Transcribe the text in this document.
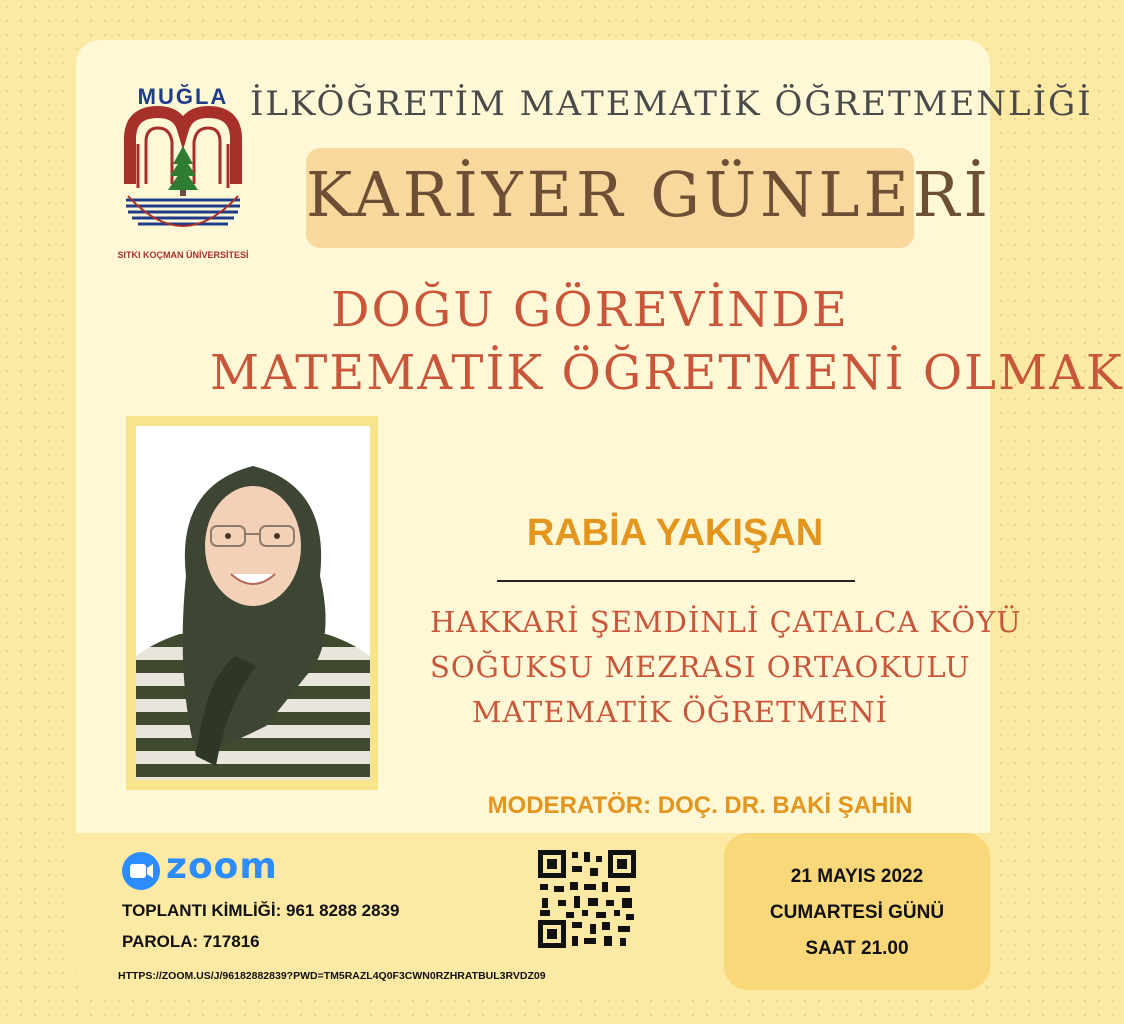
MUĞLA
SITKI KOÇMAN ÜNİVERSİTESİ
İLKÖĞRETİM MATEMATİK ÖĞRETMENLİĞİ
KARİYER GÜNLERİ
DOĞU GÖREVİNDE
MATEMATİK ÖĞRETMENİ OLMAK
RABİA YAKIŞAN
HAKKARİ ŞEMDİNLİ ÇATALCA KÖYÜ
SOĞUKSU MEZRASI ORTAOKULU
MATEMATİK ÖĞRETMENİ
MODERATÖR: DOÇ. DR. BAKİ ŞAHİN
zoom
TOPLANTI KİMLİĞİ: 961 8288 2839
PAROLA: 717816
HTTPS://ZOOM.US/J/96182882839?PWD=TM5RAZL4Q0F3CWN0RZHRATBUL3RVDZ09
21 MAYIS 2022
CUMARTESİ GÜNÜ
SAAT 21.00
